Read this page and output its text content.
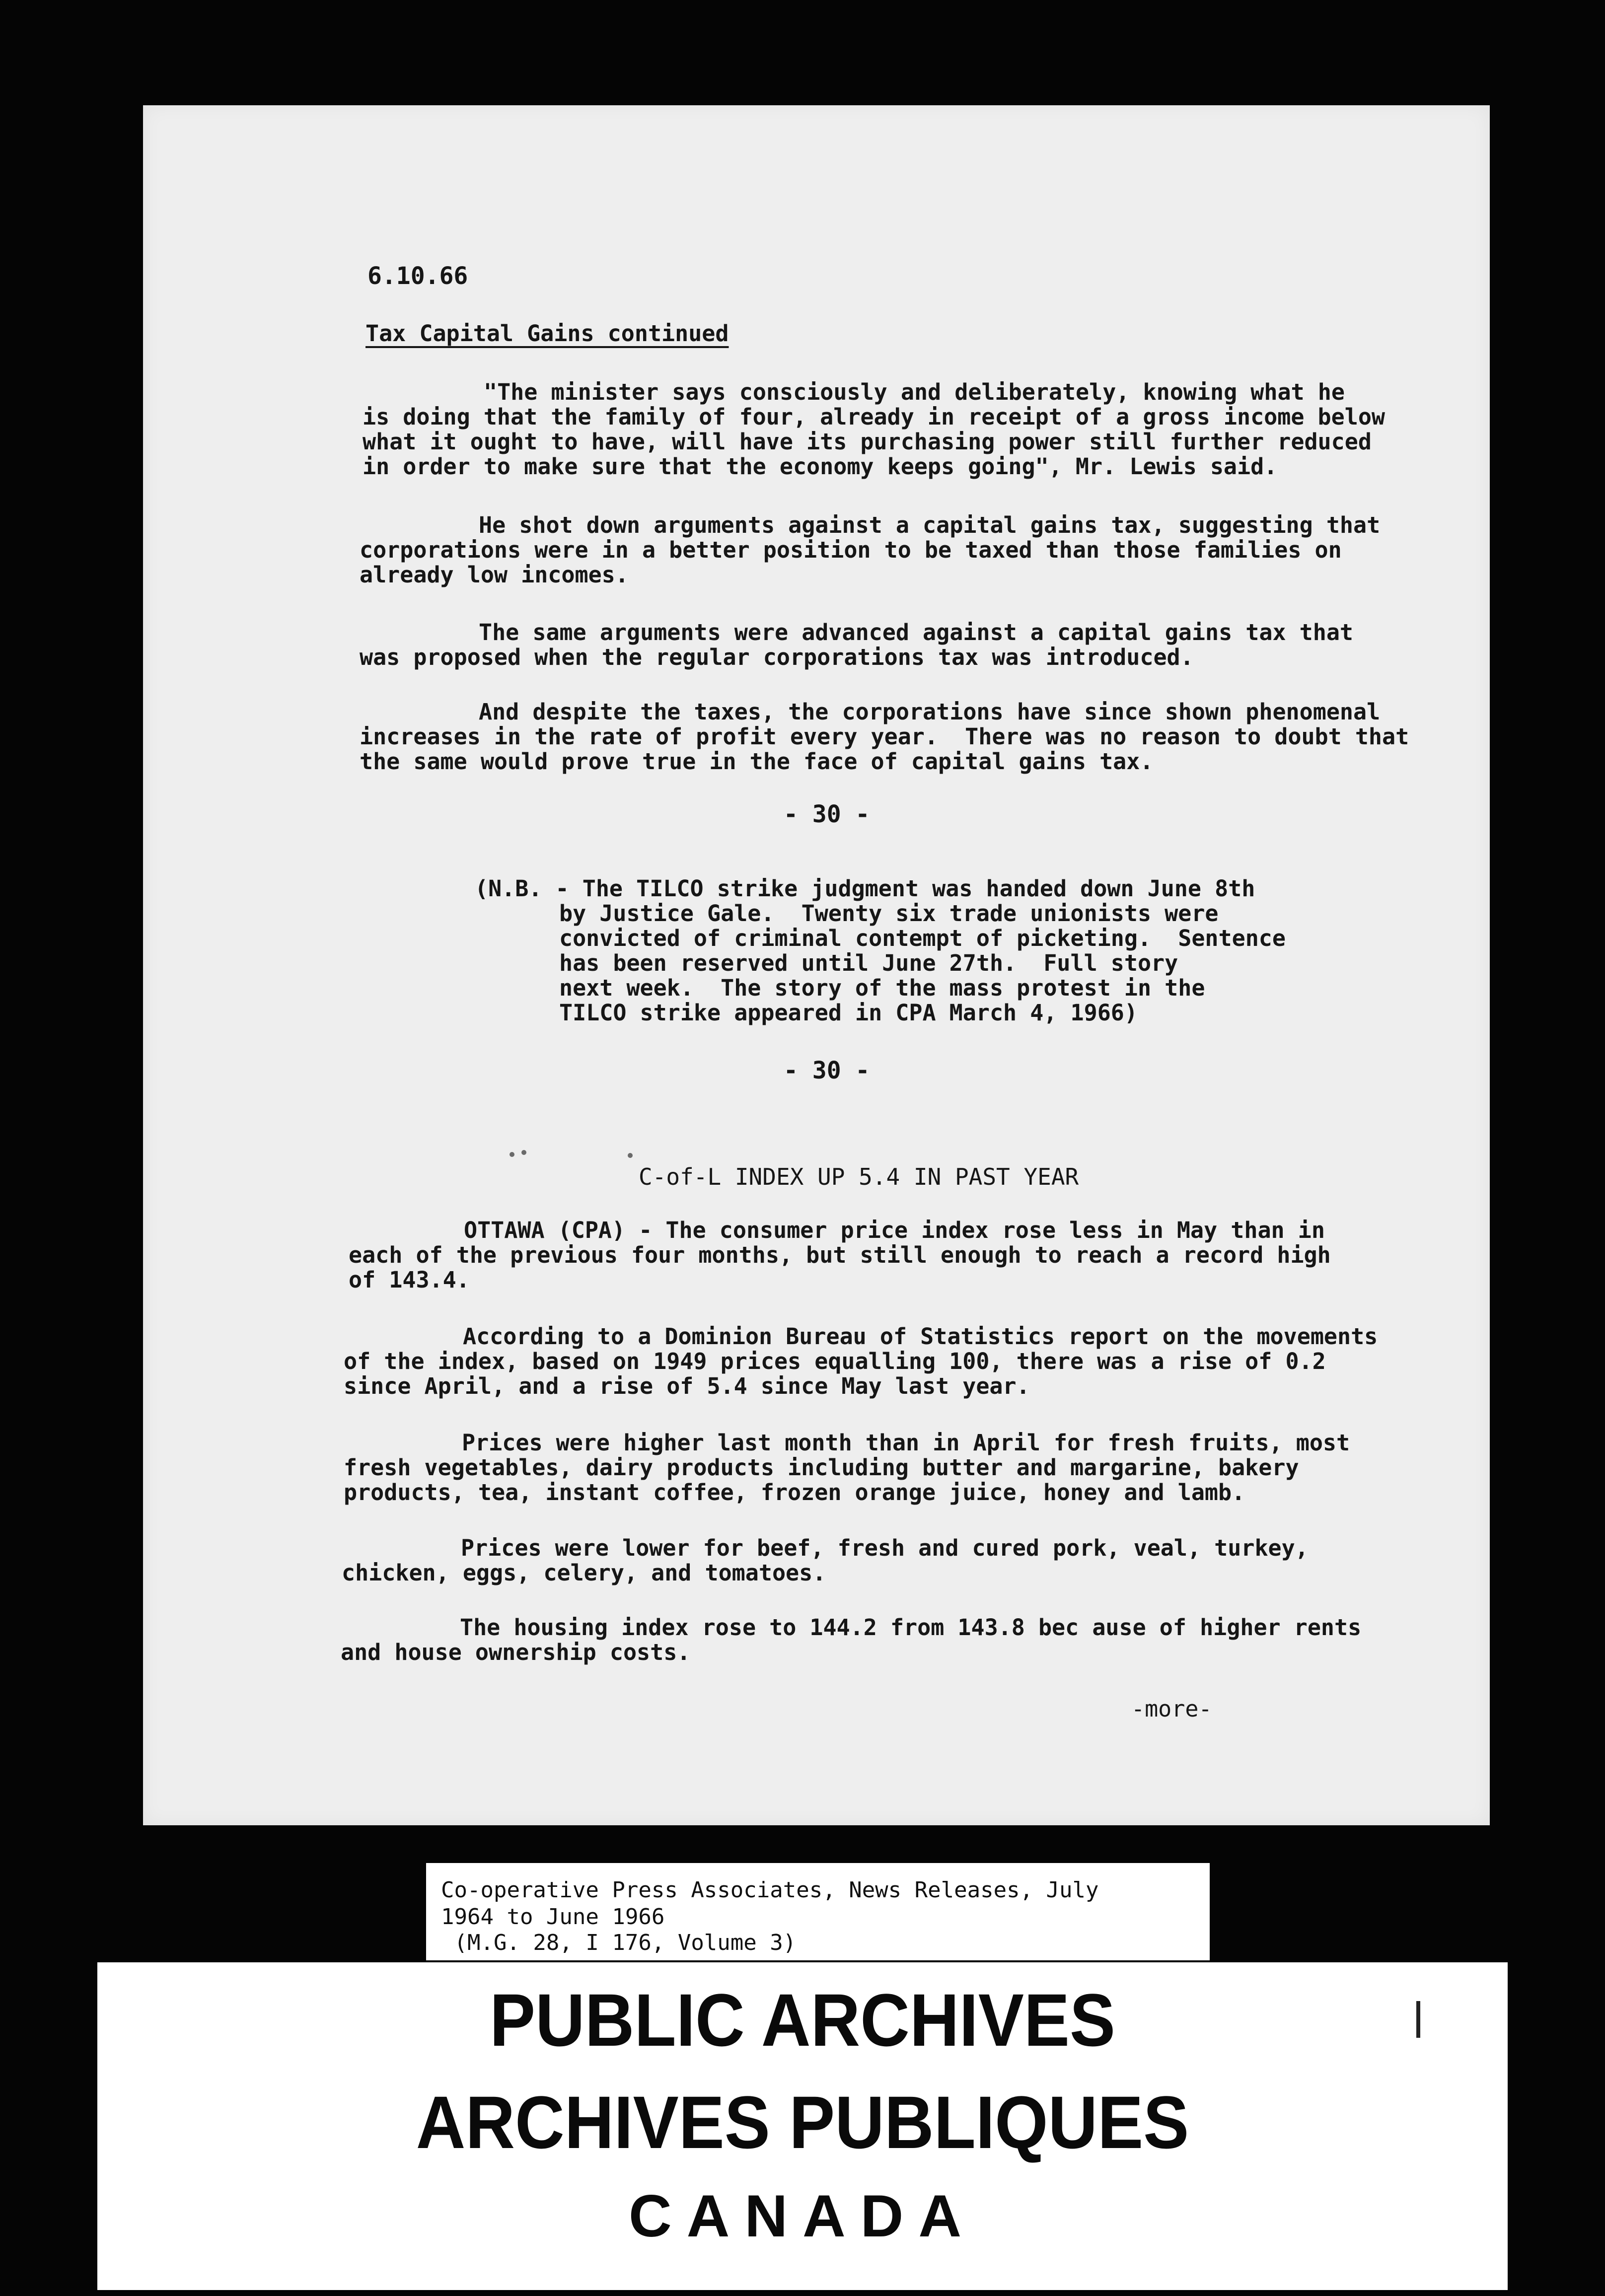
6.10.66

Tax Capital Gains continued

"The minister says consciously and deliberately, knowing what he

is doing that the family of four, already in receipt of a gross income below

what it ought to have, will have its purchasing power still further reduced

in order to make sure that the economy keeps going", Mr. Lewis said.

He shot down arguments against a capital gains tax, suggesting that

corporations were in a better position to be taxed than those families on

already low incomes.

The same arguments were advanced against a capital gains tax that

was proposed when the regular corporations tax was introduced.

And despite the taxes, the corporations have since shown phenomenal

increases in the rate of profit every year.  There was no reason to doubt that

the same would prove true in the face of capital gains tax.

- 30 -

(N.B. - The TILCO strike judgment was handed down June 8th

by Justice Gale.  Twenty six trade unionists were

convicted of criminal contempt of picketing.  Sentence

has been reserved until June 27th.  Full story

next week.  The story of the mass protest in the

TILCO strike appeared in CPA March 4, 1966)

- 30 -

C-of-L INDEX UP 5.4 IN PAST YEAR

OTTAWA (CPA) - The consumer price index rose less in May than in

each of the previous four months, but still enough to reach a record high

of 143.4.

According to a Dominion Bureau of Statistics report on the movements

of the index, based on 1949 prices equalling 100, there was a rise of 0.2

since April, and a rise of 5.4 since May last year.

Prices were higher last month than in April for fresh fruits, most

fresh vegetables, dairy products including butter and margarine, bakery

products, tea, instant coffee, frozen orange juice, honey and lamb.

Prices were lower for beef, fresh and cured pork, veal, turkey,

chicken, eggs, celery, and tomatoes.

The housing index rose to 144.2 from 143.8 bec ause of higher rents

and house ownership costs.

-more-

Co-operative Press Associates, News Releases, July

1964 to June 1966

(M.G. 28, I 176, Volume 3)

PUBLIC ARCHIVES

ARCHIVES PUBLIQUES

CANADA
